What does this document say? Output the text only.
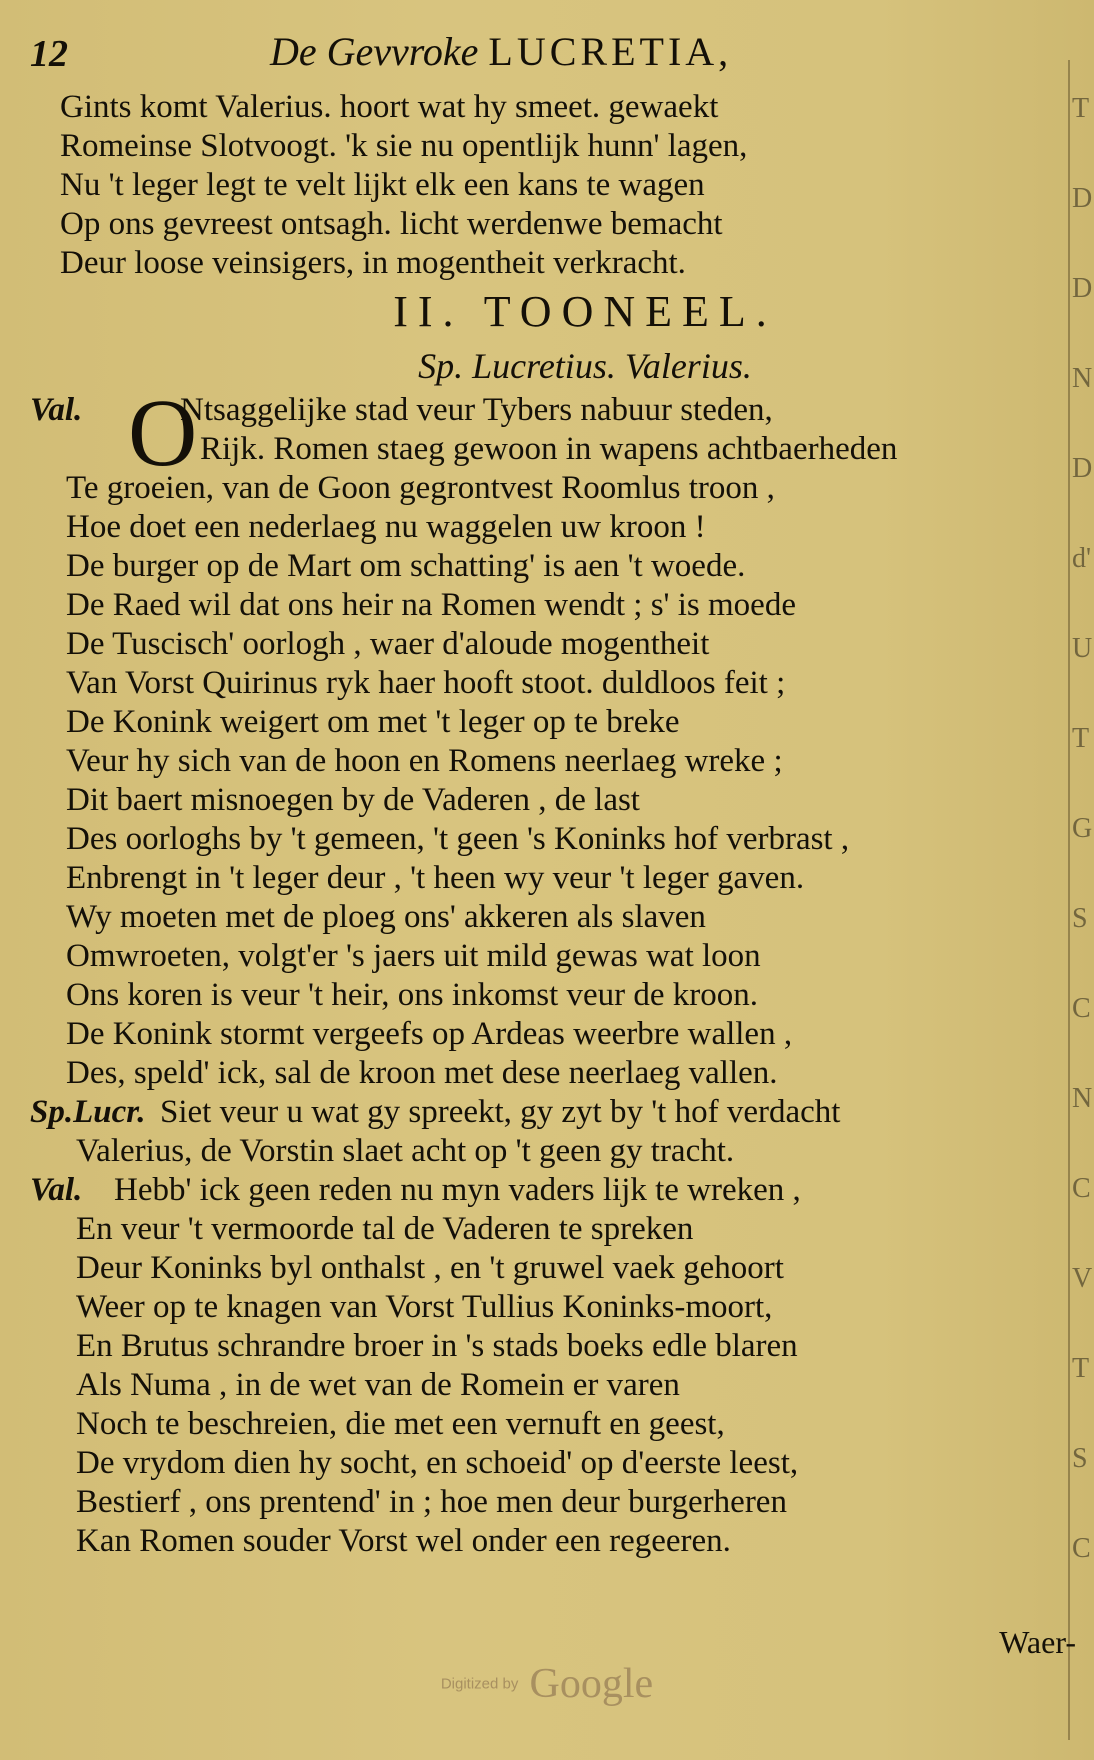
T
D
D
N
D
d'
U
T
G
S
C
N
C
V
T
S
C
12	De Gevvroke LUCRETIA,
Gints komt Valerius. hoort wat hy smeet. gewaekt
Romeinse Slotvoogt. 'k sie nu opentlijk hunn' lagen,
Nu 't leger legt te velt lijkt elk een kans te wagen
Op ons gevreest ontsagh. licht werdenwe bemacht
Deur loose veinsigers, in mogentheit verkracht.
II. TOONEEL.
Sp. Lucretius. Valerius.
Val. O
Ntsaggelijke stad veur Tybers nabuur steden,
Rijk. Romen staeg gewoon in wapens achtbaerheden
Te groeien, van de Goon gegrontvest Roomlus troon ,
Hoe doet een nederlaeg nu waggelen uw kroon !
De burger op de Mart om schatting' is aen 't woede.
De Raed wil dat ons heir na Romen wendt ; s' is moede
De Tuscisch' oorlogh , waer d'aloude mogentheit
Van Vorst Quirinus ryk haer hooft stoot. duldloos feit ;
De Konink weigert om met 't leger op te breke
Veur hy sich van de hoon en Romens neerlaeg wreke ;
Dit baert misnoegen by de Vaderen , de last
Des oorloghs by 't gemeen, 't geen 's Koninks hof verbrast ,
Enbrengt in 't leger deur , 't heen wy veur 't leger gaven.
Wy moeten met de ploeg ons' akkeren als slaven
Omwroeten, volgt'er 's jaers uit mild gewas wat loon
Ons koren is veur 't heir, ons inkomst veur de kroon.
De Konink stormt vergeefs op Ardeas weerbre wallen ,
Des, speld' ick, sal de kroon met dese neerlaeg vallen.
Sp.Lucr. Siet veur u wat gy spreekt, gy zyt by 't hof verdacht
Valerius, de Vorstin slaet acht op 't geen gy tracht.
Val. Hebb' ick geen reden nu myn vaders lijk te wreken ,
En veur 't vermoorde tal de Vaderen te spreken
Deur Koninks byl onthalst , en 't gruwel vaek gehoort
Weer op te knagen van Vorst Tullius Koninks-moort,
En Brutus schrandre broer in 's stads boeks edle blaren
Als Numa , in de wet van de Romein er varen
Noch te beschreien, die met een vernuft en geest,
De vrydom dien hy socht, en schoeid' op d'eerste leest,
Bestierf , ons prentend' in ; hoe men deur burgerheren
Kan Romen souder Vorst wel onder een regeeren.
Waer-
Digitized by Google
